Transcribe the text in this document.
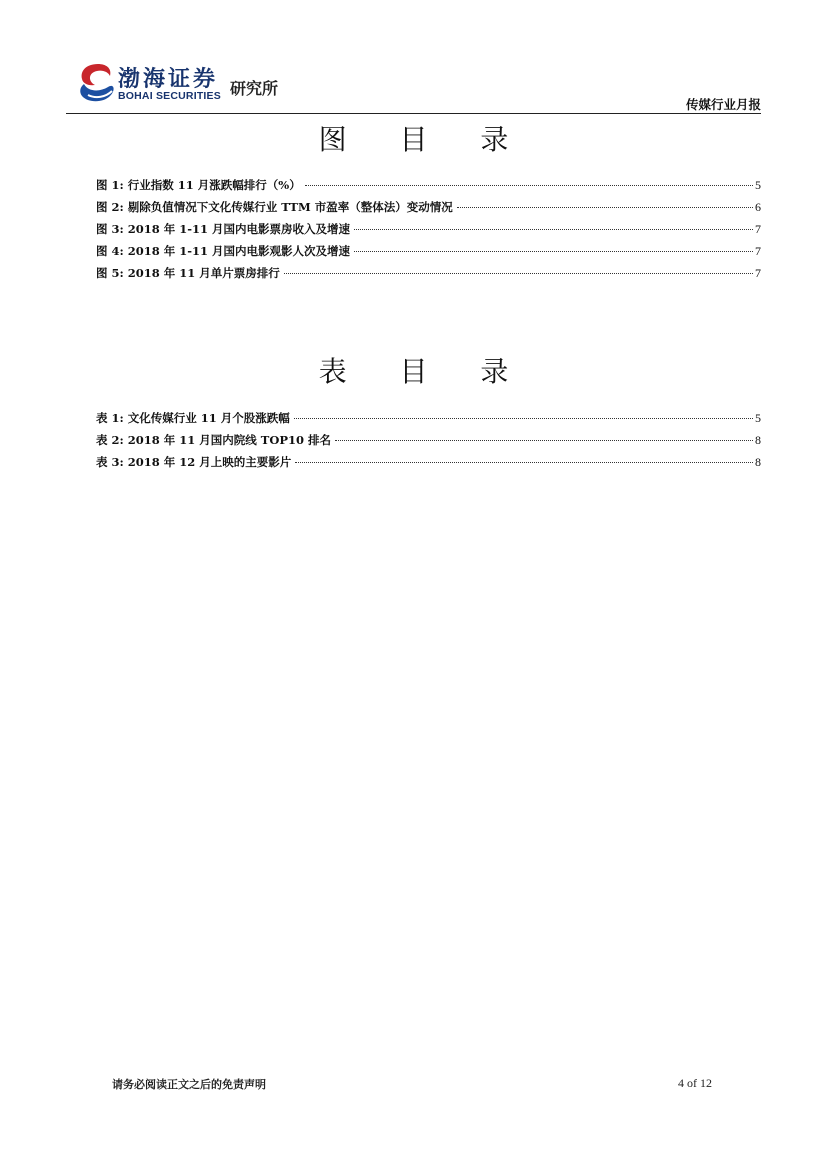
渤海证券
BOHAI SECURITIES 研究所
传媒行业月报
图 目 录
图 1: 行业指数 11 月涨跌幅排行（%）	5
图 2: 剔除负值情况下文化传媒行业 TTM 市盈率（整体法）变动情况	6
图 3: 2018 年 1-11 月国内电影票房收入及增速	7
图 4: 2018 年 1-11 月国内电影观影人次及增速	7
图 5: 2018 年 11 月单片票房排行	7
表 目 录
表 1: 文化传媒行业 11 月个股涨跌幅	5
表 2: 2018 年 11 月国内院线 TOP10 排名	8
表 3: 2018 年 12 月上映的主要影片	8
请务必阅读正文之后的免责声明	4 of 12
